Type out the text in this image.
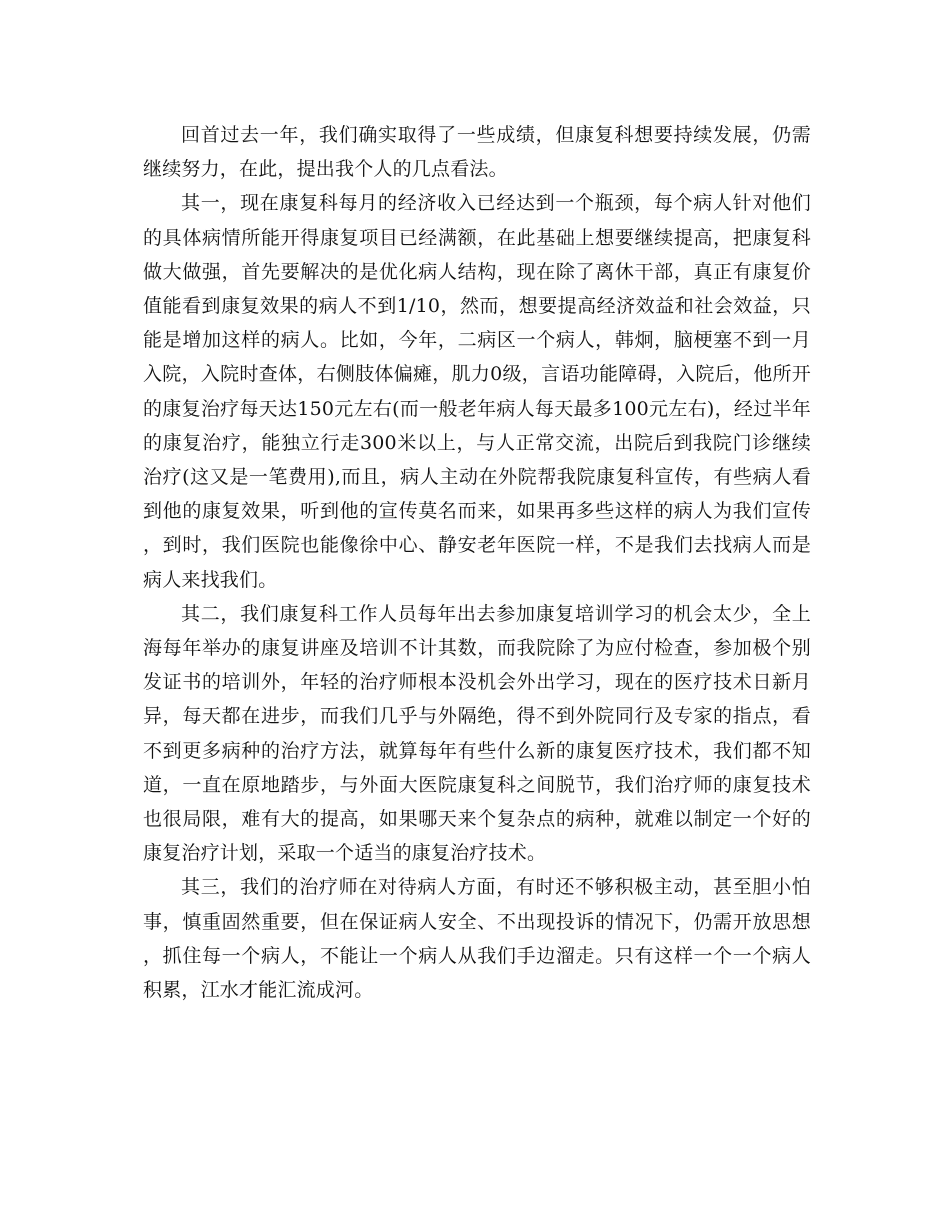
回首过去一年，我们确实取得了一些成绩，但康复科想要持续发展，仍需继续努力，在此，提出我个人的几点看法。

其一，现在康复科每月的经济收入已经达到一个瓶颈，每个病人针对他们的具体病情所能开得康复项目已经满额，在此基础上想要继续提高，把康复科做大做强，首先要解决的是优化病人结构，现在除了离休干部，真正有康复价值能看到康复效果的病人不到1/10，然而，想要提高经济效益和社会效益，只能是增加这样的病人。比如，今年，二病区一个病人，韩炯，脑梗塞不到一月入院，入院时查体，右侧肢体偏瘫，肌力0级，言语功能障碍，入院后，他所开的康复治疗每天达150元左右(而一般老年病人每天最多100元左右)，经过半年的康复治疗，能独立行走300米以上，与人正常交流，出院后到我院门诊继续治疗(这又是一笔费用),而且，病人主动在外院帮我院康复科宣传，有些病人看到他的康复效果，听到他的宣传莫名而来，如果再多些这样的病人为我们宣传，到时，我们医院也能像徐中心、静安老年医院一样，不是我们去找病人而是病人来找我们。

其二，我们康复科工作人员每年出去参加康复培训学习的机会太少，全上海每年举办的康复讲座及培训不计其数，而我院除了为应付检查，参加极个别发证书的培训外，年轻的治疗师根本没机会外出学习，现在的医疗技术日新月异，每天都在进步，而我们几乎与外隔绝，得不到外院同行及专家的指点，看不到更多病种的治疗方法，就算每年有些什么新的康复医疗技术，我们都不知道，一直在原地踏步，与外面大医院康复科之间脱节，我们治疗师的康复技术也很局限，难有大的提高，如果哪天来个复杂点的病种，就难以制定一个好的康复治疗计划，采取一个适当的康复治疗技术。

其三，我们的治疗师在对待病人方面，有时还不够积极主动，甚至胆小怕事，慎重固然重要，但在保证病人安全、不出现投诉的情况下，仍需开放思想，抓住每一个病人，不能让一个病人从我们手边溜走。只有这样一个一个病人积累，江水才能汇流成河。
